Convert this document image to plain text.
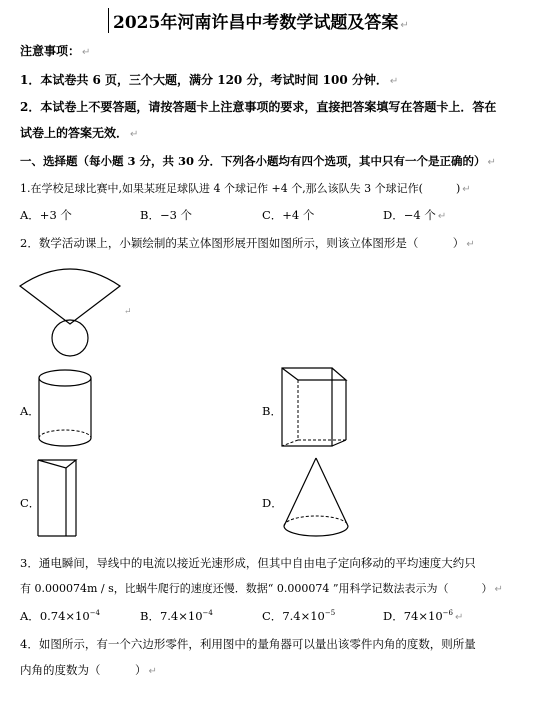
2025年河南许昌中考数学试题及答案 ↵
注意事项： ↵
1．本试卷共 6 页，三个大题，满分 120 分，考试时间 100 分钟． ↵
2．本试卷上不要答题，请按答题卡上注意事项的要求，直接把答案填写在答题卡上．答在
试卷上的答案无效． ↵
一、选择题（每小题 3 分，共 30 分．下列各小题均有四个选项，其中只有一个是正确的） ↵
1.在学校足球比赛中,如果某班足球队进 4 个球记作 +4 个,那么该队失 3 个球记作(　　　) ↵
A．+3 个	B．−3 个	C．+4 个	D．−4 个 ↵
2．数学活动课上，小颖绘制的某立体图形展开图如图所示，则该立体图形是（　　　） ↵
↵
A．	B．
C．	D．
3．通电瞬间，导线中的电流以接近光速形成，但其中自由电子定向移动的平均速度大约只
有 0.000074m / s，比蜗牛爬行的速度还慢．数据“ 0.000074 ”用科学记数法表示为（　　　） ↵
A．$0.74\times 10^{-4}$	B．$7.4\times 10^{-4}$	C．$7.4\times 10^{-5}$	D．$74\times 10^{-6}$ ↵
4．如图所示，有一个六边形零件，利用图中的量角器可以量出该零件内角的度数，则所量
内角的度数为（　　　） ↵
